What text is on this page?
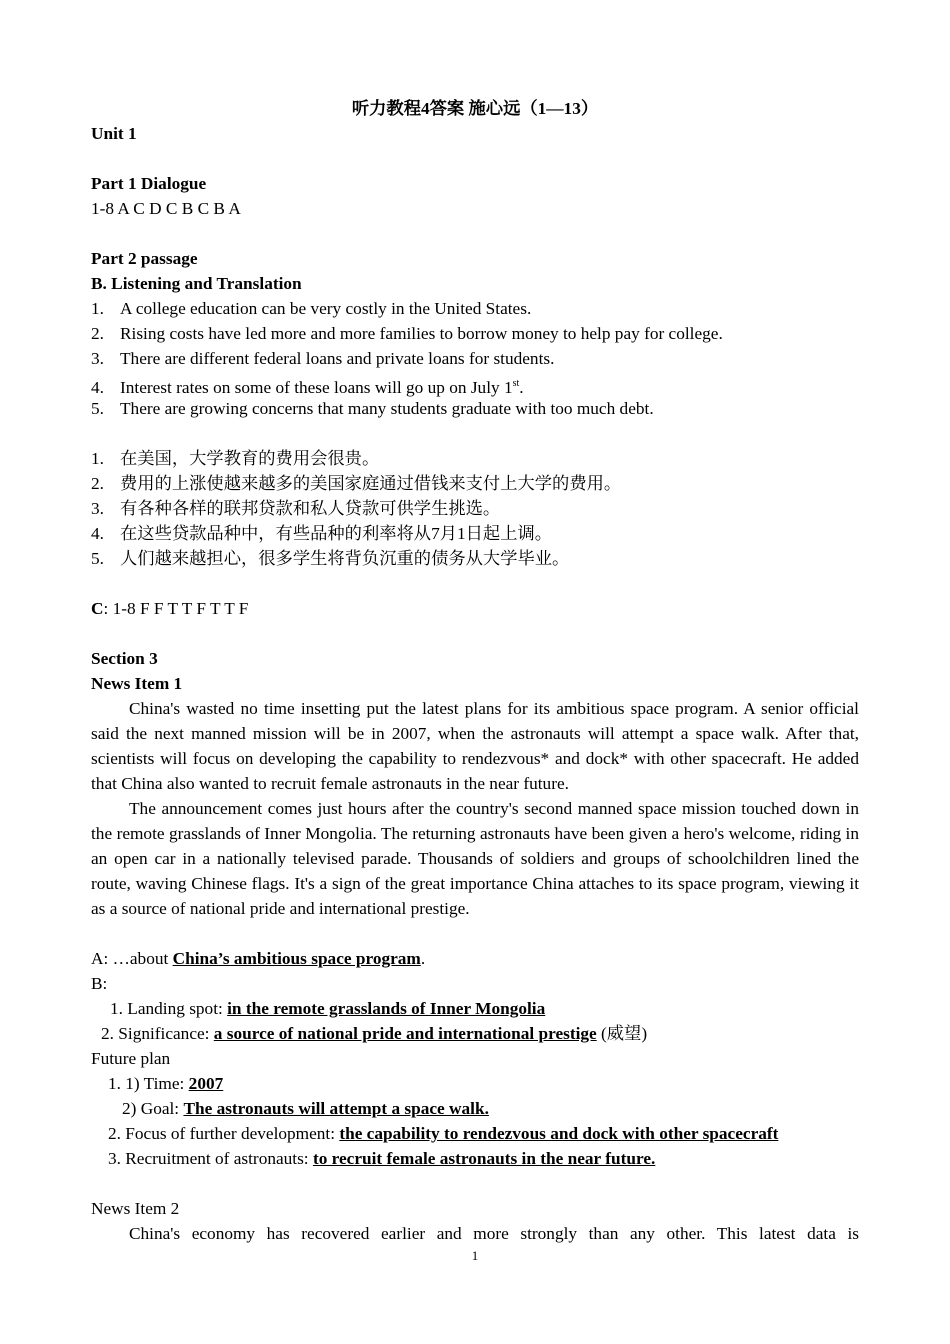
听力教程4答案 施心远（1—13）
Unit 1
Part 1 Dialogue
1-8 A C D C B C B A
Part 2 passage
B. Listening and Translation
1. A college education can be very costly in the United States.
2. Rising costs have led more and more families to borrow money to help pay for college.
3. There are different federal loans and private loans for students.
4. Interest rates on some of these loans will go up on July 1st.
5. There are growing concerns that many students graduate with too much debt.
1. 在美国，大学教育的费用会很贵。
2. 费用的上涨使越来越多的美国家庭通过借钱来支付上大学的费用。
3. 有各种各样的联邦贷款和私人贷款可供学生挑选。
4. 在这些贷款品种中，有些品种的利率将从7月1日起上调。
5. 人们越来越担心，很多学生将背负沉重的债务从大学毕业。
C: 1-8 F F T T F T T F
Section 3
News Item 1
China's wasted no time insetting put the latest plans for its ambitious space program. A senior official said the next manned mission will be in 2007, when the astronauts will attempt a space walk. After that, scientists will focus on developing the capability to rendezvous* and dock* with other spacecraft. He added that China also wanted to recruit female astronauts in the near future.
The announcement comes just hours after the country's second manned space mission touched down in the remote grasslands of Inner Mongolia. The returning astronauts have been given a hero's welcome, riding in an open car in a nationally televised parade. Thousands of soldiers and groups of schoolchildren lined the route, waving Chinese flags. It's a sign of the great importance China attaches to its space program, viewing it as a source of national pride and international prestige.
A: …about China’s ambitious space program.
B:
1. Landing spot: in the remote grasslands of Inner Mongolia
2. Significance: a source of national pride and international prestige (威望)
Future plan
1. 1) Time: 2007
2) Goal: The astronauts will attempt a space walk.
2. Focus of further development: the capability to rendezvous and dock with other spacecraft
3. Recruitment of astronauts: to recruit female astronauts in the near future.
News Item 2
China's economy has recovered earlier and more strongly than any other. This latest data is
1
